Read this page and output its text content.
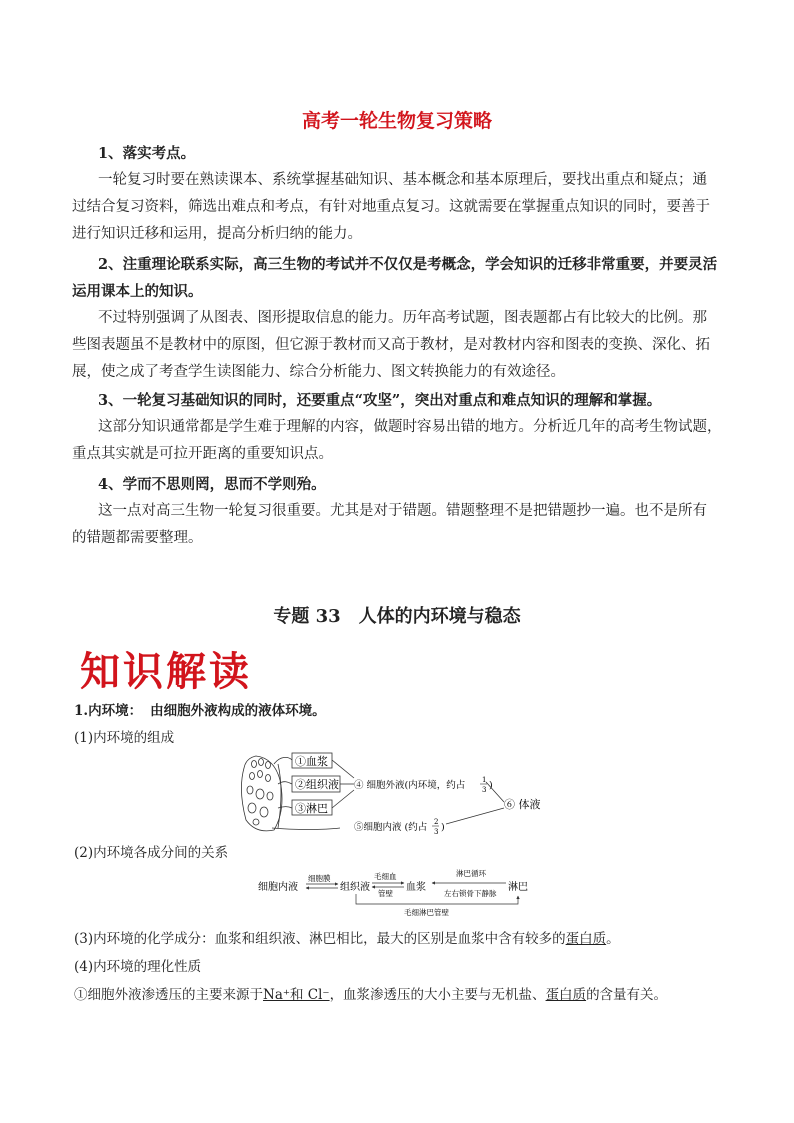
高考一轮生物复习策略
1、落实考点。
一轮复习时要在熟读课本、系统掌握基础知识、基本概念和基本原理后，要找出重点和疑点；通
过结合复习资料，筛选出难点和考点，有针对地重点复习。这就需要在掌握重点知识的同时，要善于
进行知识迁移和运用，提高分析归纳的能力。
2、注重理论联系实际，高三生物的考试并不仅仅是考概念，学会知识的迁移非常重要，并要灵活
运用课本上的知识。
不过特别强调了从图表、图形提取信息的能力。历年高考试题，图表题都占有比较大的比例。那
些图表题虽不是教材中的原图，但它源于教材而又高于教材，是对教材内容和图表的变换、深化、拓
展，使之成了考查学生读图能力、综合分析能力、图文转换能力的有效途径。
3、一轮复习基础知识的同时，还要重点“攻坚”，突出对重点和难点知识的理解和掌握。
这部分知识通常都是学生难于理解的内容，做题时容易出错的地方。分析近几年的高考生物试题，
重点其实就是可拉开距离的重要知识点。
4、学而不思则罔，思而不学则殆。
这一点对高三生物一轮复习很重要。尤其是对于错题。错题整理不是把错题抄一遍。也不是所有
的错题都需要整理。
专题 33　人体的内环境与稳态
知识解读
1.内环境： 由细胞外液构成的液体环境。
(1)内环境的组成
①血浆
②组织液
③淋巴
④ 细胞外液(内环境，约占 1
3 )
⑥ 体液
⑤细胞内液 (约占 2
3 )
(2)内环境各成分间的关系
细胞内液
细胞膜
组织液
毛细血
管壁
血浆
淋巴循环
左右锁骨下静脉
淋巴
毛细淋巴管壁
(3)内环境的化学成分：血浆和组织液、淋巴相比，最大的区别是血浆中含有较多的蛋白质。
(4)内环境的理化性质
①细胞外液渗透压的主要来源于Na⁺和 Cl⁻，血浆渗透压的大小主要与无机盐、蛋白质的含量有关。
